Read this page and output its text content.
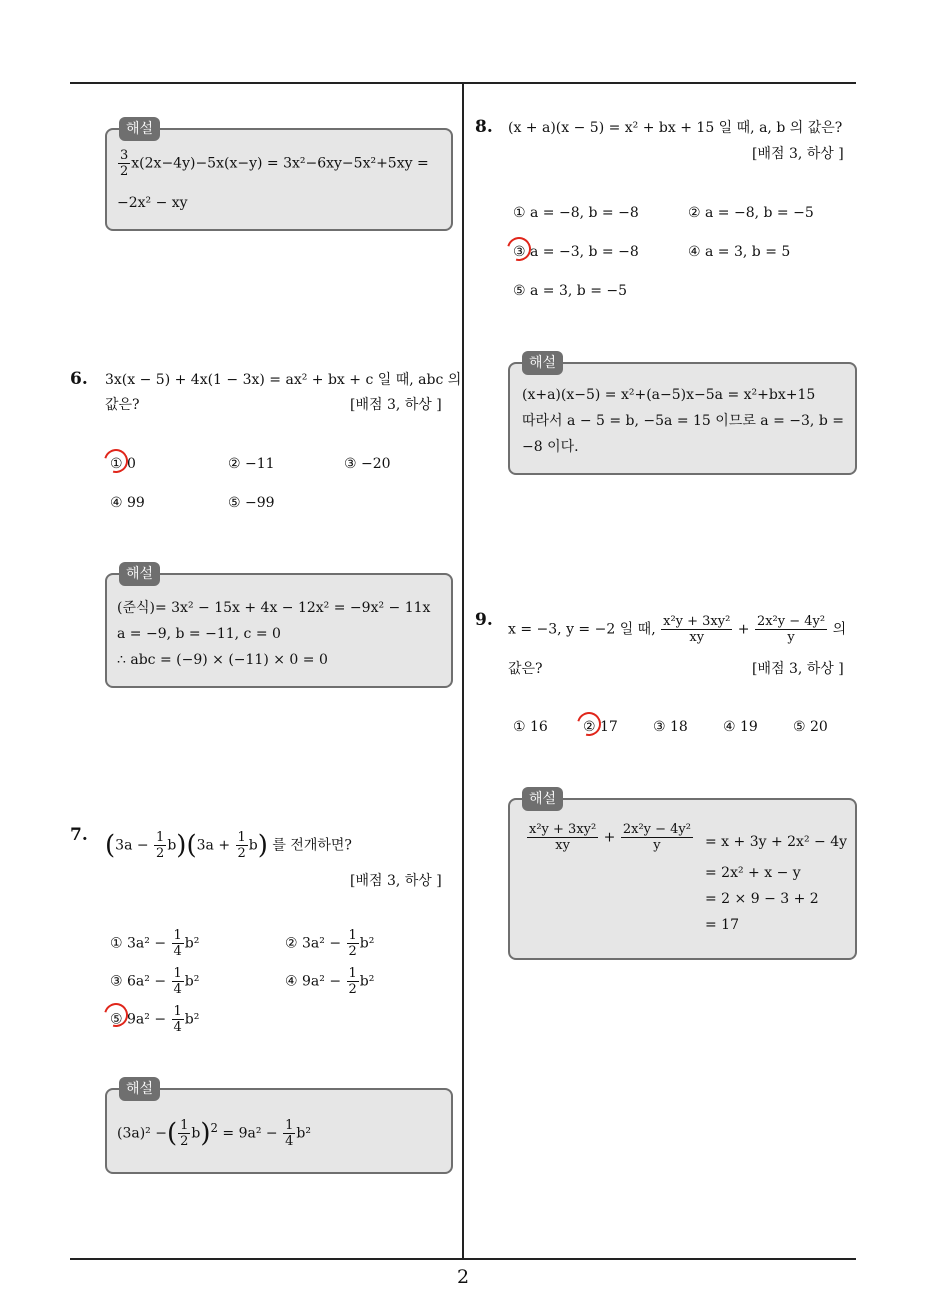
해설
$\frac{3}{2} x(2x-4y)-5x(x-y) = 3x^2-6xy-5x^2+5xy$ =
−2x² − xy
6. 3x(x − 5) + 4x(1 − 3x) = ax² + bx + c 일 때, abc 의
값은?	[배점 3, 하상 ]
① 0	② −11	③ −20
④ 99	⑤ −99
해설
(준식)= 3x² − 15x + 4x − 12x² = −9x² − 11x
a = −9, b = −11, c = 0
∴ abc = (−9) × (−11) × 0 = 0
7. $(3a - \frac{1}{2} b)(3a + \frac{1}{2} b)$ 를 전개하면?
[배점 3, 하상 ]
① $3a^2 - \frac{1}{4} b^2$	② $3a^2 - \frac{1}{2} b^2$
③ $6a^2 - \frac{1}{4} b^2$	④ $9a^2 - \frac{1}{2} b^2$
⑤ $9a^2 - \frac{1}{4} b^2$
해설
(3a)² −( $\frac{1}{2} b)^2 = 9a^2 - \frac{1}{4} b^2$
8. (x + a)(x − 5) = x² + bx + 15 일 때, a, b 의 값은?
[배점 3, 하상 ]
① a = −8, b = −8	② a = −8, b = −5
③ a = −3, b = −8	④ a = 3, b = 5
⑤ a = 3, b = −5
해설
(x+a)(x−5) = x²+(a−5)x−5a = x²+bx+15
따라서 a − 5 = b, −5a = 15 이므로 a = −3, b =
−8 이다.
9. x = −3, y = −2 일 때, $\frac{\text{x²y + 3xy²}}{xy} + \frac{\text{2x²y − 4y²}}{y}$ 의
값은?	[배점 3, 하상 ]
① 16	② 17	③ 18	④ 19	⑤ 20
해설
$\frac{\text{x²y + 3xy²}}{xy} + \frac{\text{2x²y − 4y²}}{y} = x + 3y + 2x^2 - 4y$
= 2x² + x − y
= 2 × 9 − 3 + 2
= 17
2
